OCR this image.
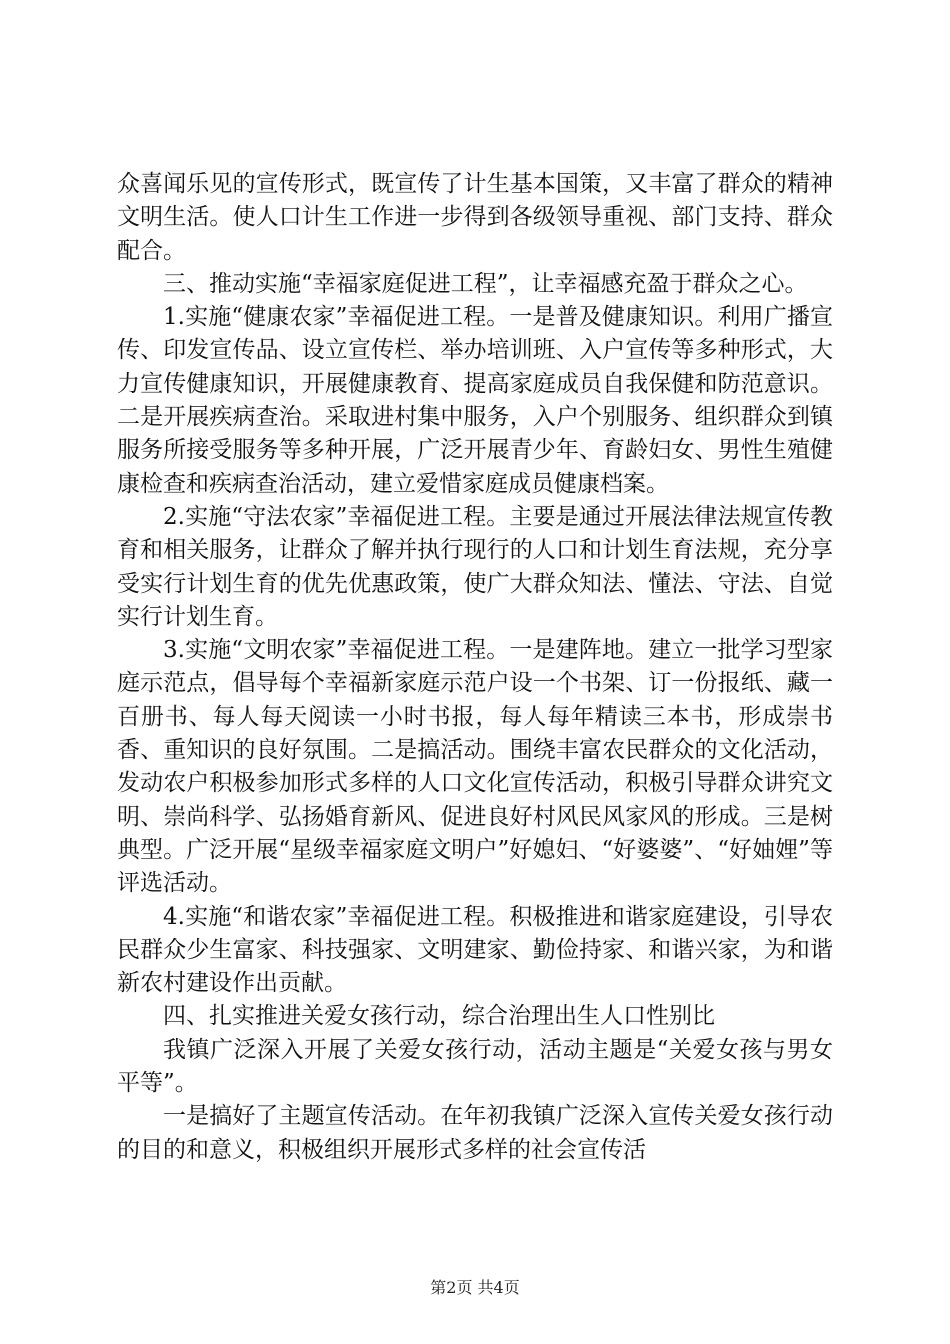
众喜闻乐见的宣传形式，既宣传了计生基本国策，又丰富了群众的精神文明生活。使人口计生工作进一步得到各级领导重视、部门支持、群众配合。

三、推动实施“幸福家庭促进工程”，让幸福感充盈于群众之心。

1.实施“健康农家”幸福促进工程。一是普及健康知识。利用广播宣传、印发宣传品、设立宣传栏、举办培训班、入户宣传等多种形式，大力宣传健康知识，开展健康教育、提高家庭成员自我保健和防范意识。二是开展疾病查治。采取进村集中服务，入户个别服务、组织群众到镇服务所接受服务等多种开展，广泛开展青少年、育龄妇女、男性生殖健康检查和疾病查治活动，建立爱惜家庭成员健康档案。

2.实施“守法农家”幸福促进工程。主要是通过开展法律法规宣传教育和相关服务，让群众了解并执行现行的人口和计划生育法规，充分享受实行计划生育的优先优惠政策，使广大群众知法、懂法、守法、自觉实行计划生育。

3.实施“文明农家”幸福促进工程。一是建阵地。建立一批学习型家庭示范点，倡导每个幸福新家庭示范户设一个书架、订一份报纸、藏一百册书、每人每天阅读一小时书报，每人每年精读三本书，形成崇书香、重知识的良好氛围。二是搞活动。围绕丰富农民群众的文化活动，发动农户积极参加形式多样的人口文化宣传活动，积极引导群众讲究文明、崇尚科学、弘扬婚育新风、促进良好村风民风家风的形成。三是树典型。广泛开展“星级幸福家庭文明户”好媳妇、“好婆婆”、“好妯娌”等评选活动。

4.实施“和谐农家”幸福促进工程。积极推进和谐家庭建设，引导农民群众少生富家、科技强家、文明建家、勤俭持家、和谐兴家，为和谐新农村建设作出贡献。

四、扎实推进关爱女孩行动，综合治理出生人口性别比

我镇广泛深入开展了关爱女孩行动，活动主题是“关爱女孩与男女平等”。

一是搞好了主题宣传活动。在年初我镇广泛深入宣传关爱女孩行动的目的和意义，积极组织开展形式多样的社会宣传活

第2页 共4页
